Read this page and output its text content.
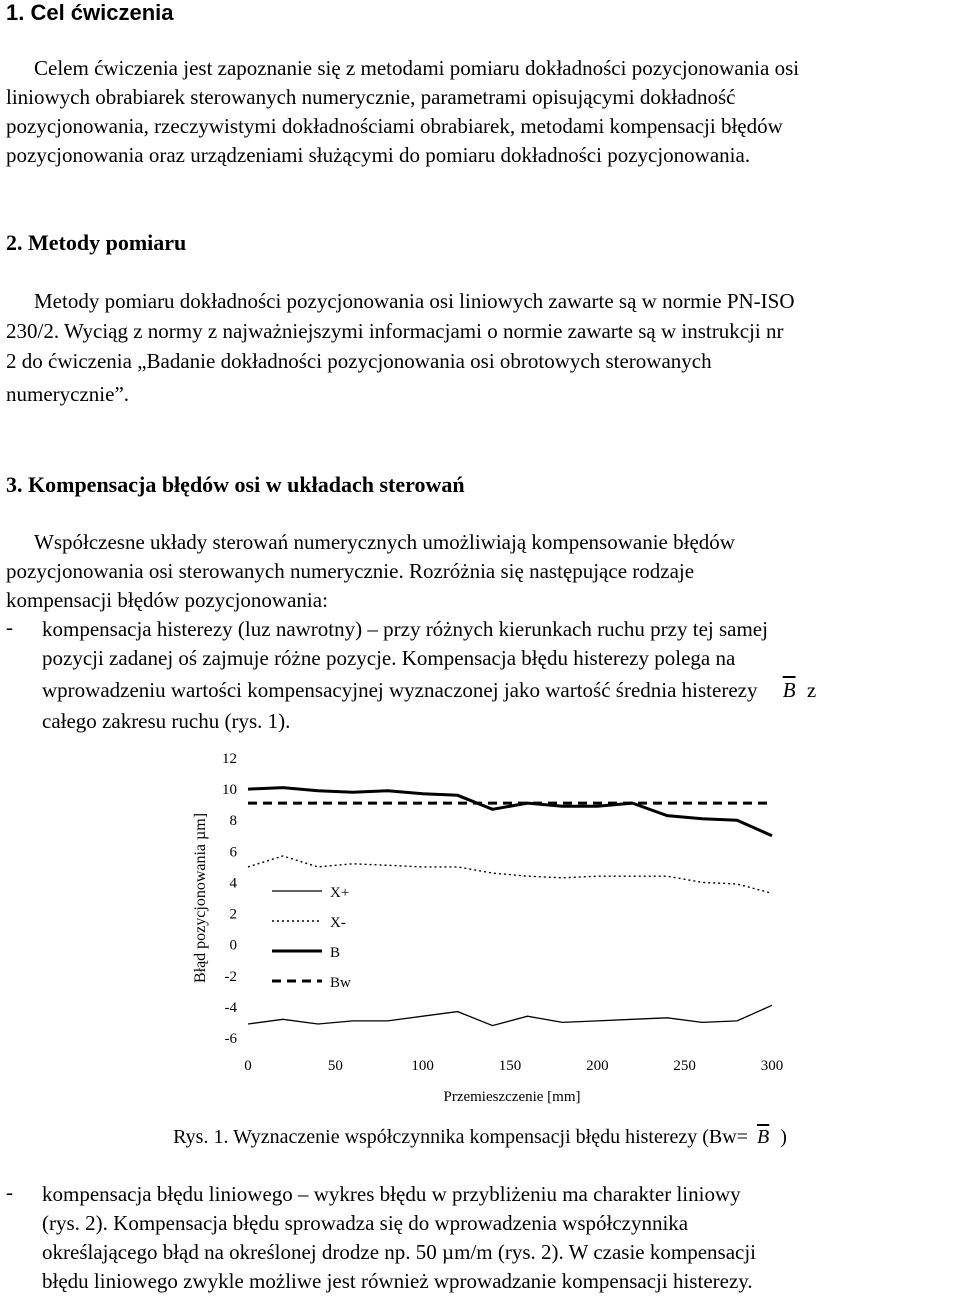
1. Cel ćwiczenia

Celem ćwiczenia jest zapoznanie się z metodami pomiaru dokładności pozycjonowania osi

liniowych obrabiarek sterowanych numerycznie, parametrami opisującymi dokładność

pozycjonowania, rzeczywistymi dokładnościami obrabiarek, metodami kompensacji błędów

pozycjonowania oraz urządzeniami służącymi do pomiaru dokładności pozycjonowania.

2. Metody pomiaru

Metody pomiaru dokładności pozycjonowania osi liniowych zawarte są w normie PN-ISO

230/2. Wyciąg z normy z najważniejszymi informacjami o normie zawarte są w instrukcji nr

2 do ćwiczenia „Badanie dokładności pozycjonowania osi obrotowych sterowanych

numerycznie”.

3. Kompensacja błędów osi w układach sterowań

Współczesne układy sterowań numerycznych umożliwiają kompensowanie błędów

pozycjonowania osi sterowanych numerycznie. Rozróżnia się następujące rodzaje

kompensacji błędów pozycjonowania:

- kompensacja histerezy (luz nawrotny) – przy różnych kierunkach ruchu przy tej samej
pozycji zadanej oś zajmuje różne pozycje. Kompensacja błędu histerezy polega na
wprowadzeniu wartości kompensacyjnej wyznaczonej jako wartość średnia histerezy $\overline{B}$ z
całego zakresu ruchu (rys. 1).
12
10
8
6
4
2
0
-2
-4
-6
0	50	100	150	200	250	300
Przemieszczenie [mm]
Błąd pozycjonowania µm]	X+
X-
B
Bw
Rys. 1. Wyznaczenie współczynnika kompensacji błędu histerezy ($Bw= \overline{B}$ )
- kompensacja błędu liniowego – wykres błędu w przybliżeniu ma charakter liniowy
(rys. 2). Kompensacja błędu sprowadza się do wprowadzenia współczynnika
określającego błąd na określonej drodze np. 50 µm/m (rys. 2). W czasie kompensacji
błędu liniowego zwykle możliwe jest również wprowadzanie kompensacji histerezy.
